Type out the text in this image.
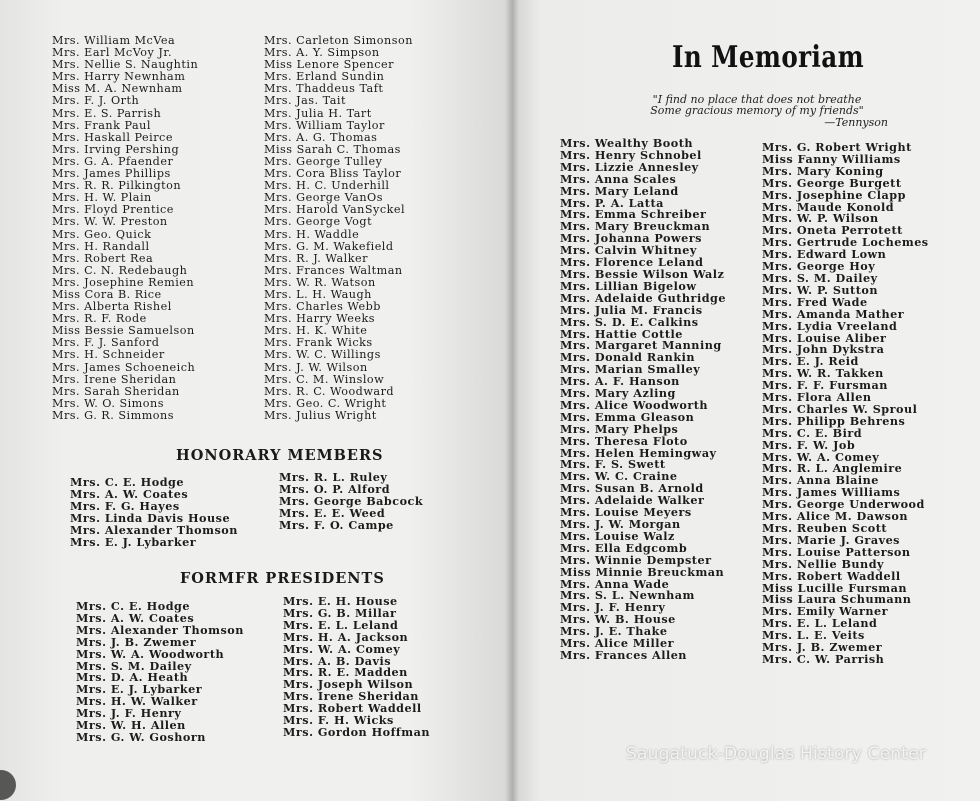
Mrs. William McVea
Mrs. Earl McVoy Jr.
Mrs. Nellie S. Naughtin
Mrs. Harry Newnham
Miss M. A. Newnham
Mrs. F. J. Orth
Mrs. E. S. Parrish
Mrs. Frank Paul
Mrs. Haskall Peirce
Mrs. Irving Pershing
Mrs. G. A. Pfaender
Mrs. James Phillips
Mrs. R. R. Pilkington
Mrs. H. W. Plain
Mrs. Floyd Prentice
Mrs. W. W. Preston
Mrs. Geo. Quick
Mrs. H. Randall
Mrs. Robert Rea
Mrs. C. N. Redebaugh
Mrs. Josephine Remien
Miss Cora B. Rice
Mrs. Alberta Rishel
Mrs. R. F. Rode
Miss Bessie Samuelson
Mrs. F. J. Sanford
Mrs. H. Schneider
Mrs. James Schoeneich
Mrs. Irene Sheridan
Mrs. Sarah Sheridan
Mrs. W. O. Simons
Mrs. G. R. Simmons
Mrs. Carleton Simonson
Mrs. A. Y. Simpson
Miss Lenore Spencer
Mrs. Erland Sundin
Mrs. Thaddeus Taft
Mrs. Jas. Tait
Mrs. Julia H. Tart
Mrs. William Taylor
Mrs. A. G. Thomas
Miss Sarah C. Thomas
Mrs. George Tulley
Mrs. Cora Bliss Taylor
Mrs. H. C. Underhill
Mrs. George VanOs
Mrs. Harold VanSyckel
Mrs. George Vogt
Mrs. H. Waddle
Mrs. G. M. Wakefield
Mrs. R. J. Walker
Mrs. Frances Waltman
Mrs. W. R. Watson
Mrs. L. H. Waugh
Mrs. Charles Webb
Mrs. Harry Weeks
Mrs. H. K. White
Mrs. Frank Wicks
Mrs. W. C. Willings
Mrs. J. W. Wilson
Mrs. C. M. Winslow
Mrs. R. C. Woodward
Mrs. Geo. C. Wright
Mrs. Julius Wright
HONORARY MEMBERS
Mrs. C. E. Hodge
Mrs. A. W. Coates
Mrs. F. G. Hayes
Mrs. Linda Davis House
Mrs. Alexander Thomson
Mrs. E. J. Lybarker
Mrs. R. L. Ruley
Mrs. O. P. Alford
Mrs. George Babcock
Mrs. E. E. Weed
Mrs. F. O. Campe
FORMFR PRESIDENTS
Mrs. C. E. Hodge
Mrs. A. W. Coates
Mrs. Alexander Thomson
Mrs. J. B. Zwemer
Mrs. W. A. Woodworth
Mrs. S. M. Dailey
Mrs. D. A. Heath
Mrs. E. J. Lybarker
Mrs. H. W. Walker
Mrs. J. F. Henry
Mrs. W. H. Allen
Mrs. G. W. Goshorn
Mrs. E. H. House
Mrs. G. B. Millar
Mrs. E. L. Leland
Mrs. H. A. Jackson
Mrs. W. A. Comey
Mrs. A. B. Davis
Mrs. R. E. Madden
Mrs. Joseph Wilson
Mrs. Irene Sheridan
Mrs. Robert Waddell
Mrs. F. H. Wicks
Mrs. Gordon Hoffman
In Memoriam
"I find no place that does not breathe
Some gracious memory of my friends"
—Tennyson
Mrs. Wealthy Booth
Mrs. Henry Schnobel
Mrs. Lizzie Annesley
Mrs. Anna Scales
Mrs. Mary Leland
Mrs. P. A. Latta
Mrs. Emma Schreiber
Mrs. Mary Breuckman
Mrs. Johanna Powers
Mrs. Calvin Whitney
Mrs. Florence Leland
Mrs. Bessie Wilson Walz
Mrs. Lillian Bigelow
Mrs. Adelaide Guthridge
Mrs. Julia M. Francis
Mrs. S. D. E. Calkins
Mrs. Hattie Cottle
Mrs. Margaret Manning
Mrs. Donald Rankin
Mrs. Marian Smalley
Mrs. A. F. Hanson
Mrs. Mary Azling
Mrs. Alice Woodworth
Mrs. Emma Gleason
Mrs. Mary Phelps
Mrs. Theresa Floto
Mrs. Helen Hemingway
Mrs. F. S. Swett
Mrs. W. C. Craine
Mrs. Susan B. Arnold
Mrs. Adelaide Walker
Mrs. Louise Meyers
Mrs. J. W. Morgan
Mrs. Louise Walz
Mrs. Ella Edgcomb
Mrs. Winnie Dempster
Miss Minnie Breuckman
Mrs. Anna Wade
Mrs. S. L. Newnham
Mrs. J. F. Henry
Mrs. W. B. House
Mrs. J. E. Thake
Mrs. Alice Miller
Mrs. Frances Allen
Mrs. G. Robert Wright
Miss Fanny Williams
Mrs. Mary Koning
Mrs. George Burgett
Mrs. Josephine Clapp
Mrs. Maude Konold
Mrs. W. P. Wilson
Mrs. Oneta Perrotett
Mrs. Gertrude Lochemes
Mrs. Edward Lown
Mrs. George Hoy
Mrs. S. M. Dailey
Mrs. W. P. Sutton
Mrs. Fred Wade
Mrs. Amanda Mather
Mrs. Lydia Vreeland
Mrs. Louise Aliber
Mrs. John Dykstra
Mrs. E. J. Reid
Mrs. W. R. Takken
Mrs. F. F. Fursman
Mrs. Flora Allen
Mrs. Charles W. Sproul
Mrs. Philipp Behrens
Mrs. C. E. Bird
Mrs. F. W. Job
Mrs. W. A. Comey
Mrs. R. L. Anglemire
Mrs. Anna Blaine
Mrs. James Williams
Mrs. George Underwood
Mrs. Alice M. Dawson
Mrs. Reuben Scott
Mrs. Marie J. Graves
Mrs. Louise Patterson
Mrs. Nellie Bundy
Mrs. Robert Waddell
Miss Lucille Fursman
Miss Laura Schumann
Mrs. Emily Warner
Mrs. E. L. Leland
Mrs. L. E. Veits
Mrs. J. B. Zwemer
Mrs. C. W. Parrish
Saugatuck-Douglas History Center
